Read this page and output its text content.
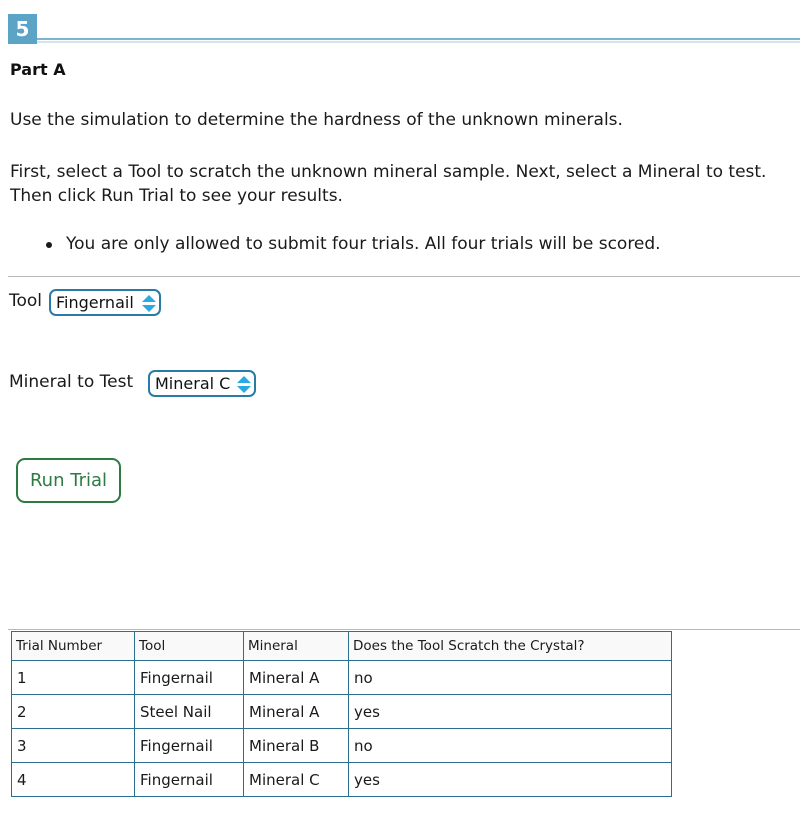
5
Part A
Use the simulation to determine the hardness of the unknown minerals.
First, select a Tool to scratch the unknown mineral sample. Next, select a Mineral to test. Then click Run Trial to see your results.
You are only allowed to submit four trials. All four trials will be scored.
Tool Fingernail
Mineral to Test Mineral C
Run Trial
Trial Number	Tool	Mineral	Does the Tool Scratch the Crystal?
1	Fingernail	Mineral A	no
2	Steel Nail	Mineral A	yes
3	Fingernail	Mineral B	no
4	Fingernail	Mineral C	yes
